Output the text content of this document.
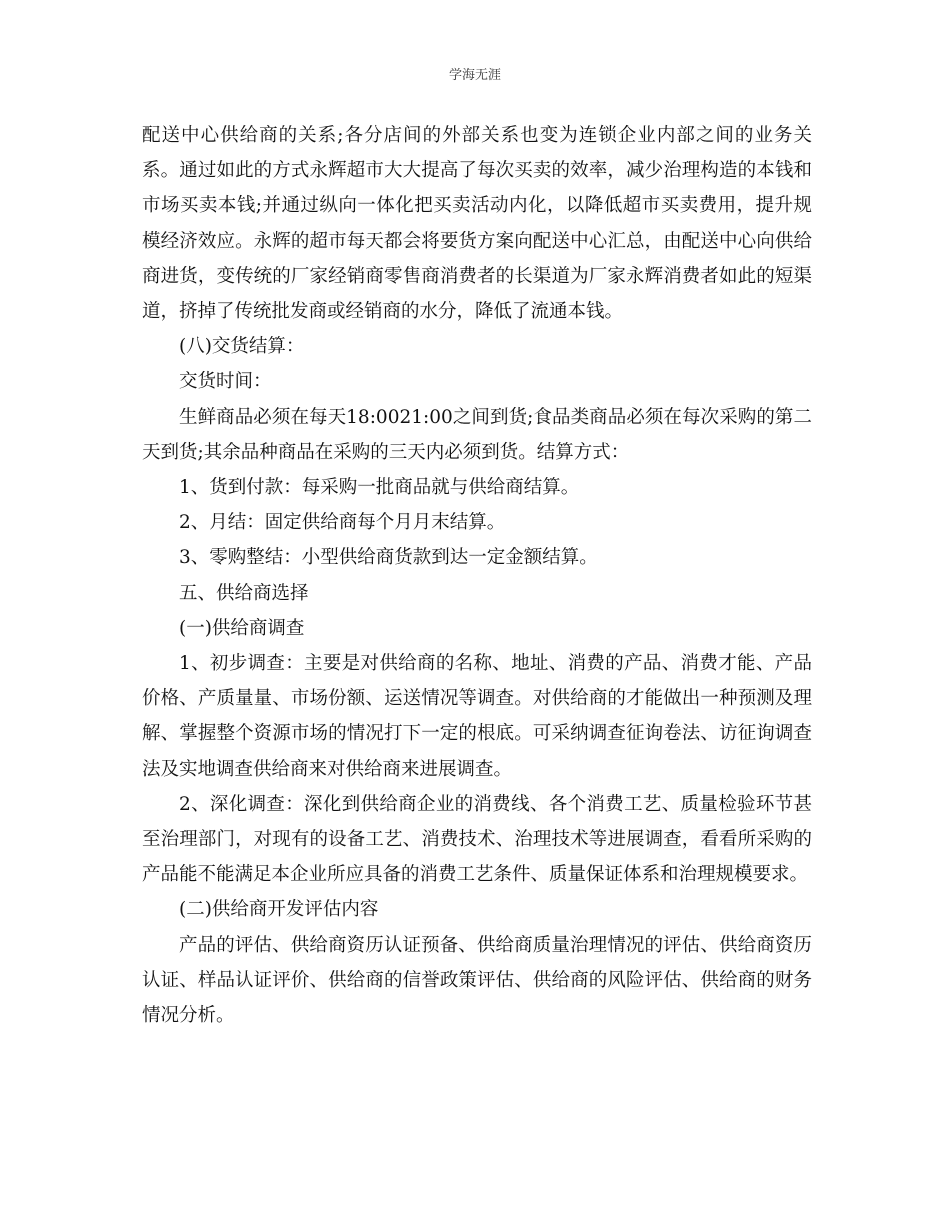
学海无涯

配送中心供给商的关系;各分店间的外部关系也变为连锁企业内部之间的业务关系。通过如此的方式永辉超市大大提高了每次买卖的效率，减少治理构造的本钱和市场买卖本钱;并通过纵向一体化把买卖活动内化，以降低超市买卖费用，提升规模经济效应。永辉的超市每天都会将要货方案向配送中心汇总，由配送中心向供给商进货，变传统的厂家经销商零售商消费者的长渠道为厂家永辉消费者如此的短渠道，挤掉了传统批发商或经销商的水分，降低了流通本钱。

(八)交货结算：

交货时间：

生鲜商品必须在每天18:0021:00之间到货;食品类商品必须在每次采购的第二天到货;其余品种商品在采购的三天内必须到货。结算方式：

1、货到付款：每采购一批商品就与供给商结算。

2、月结：固定供给商每个月月末结算。

3、零购整结：小型供给商货款到达一定金额结算。

五、供给商选择

(一)供给商调查

1、初步调查：主要是对供给商的名称、地址、消费的产品、消费才能、产品价格、产质量量、市场份额、运送情况等调查。对供给商的才能做出一种预测及理解、掌握整个资源市场的情况打下一定的根底。可采纳调查征询卷法、访征询调查法及实地调查供给商来对供给商来进展调查。

2、深化调查：深化到供给商企业的消费线、各个消费工艺、质量检验环节甚至治理部门，对现有的设备工艺、消费技术、治理技术等进展调查，看看所采购的产品能不能满足本企业所应具备的消费工艺条件、质量保证体系和治理规模要求。

(二)供给商开发评估内容

产品的评估、供给商资历认证预备、供给商质量治理情况的评估、供给商资历认证、样品认证评价、供给商的信誉政策评估、供给商的风险评估、供给商的财务情况分析。
